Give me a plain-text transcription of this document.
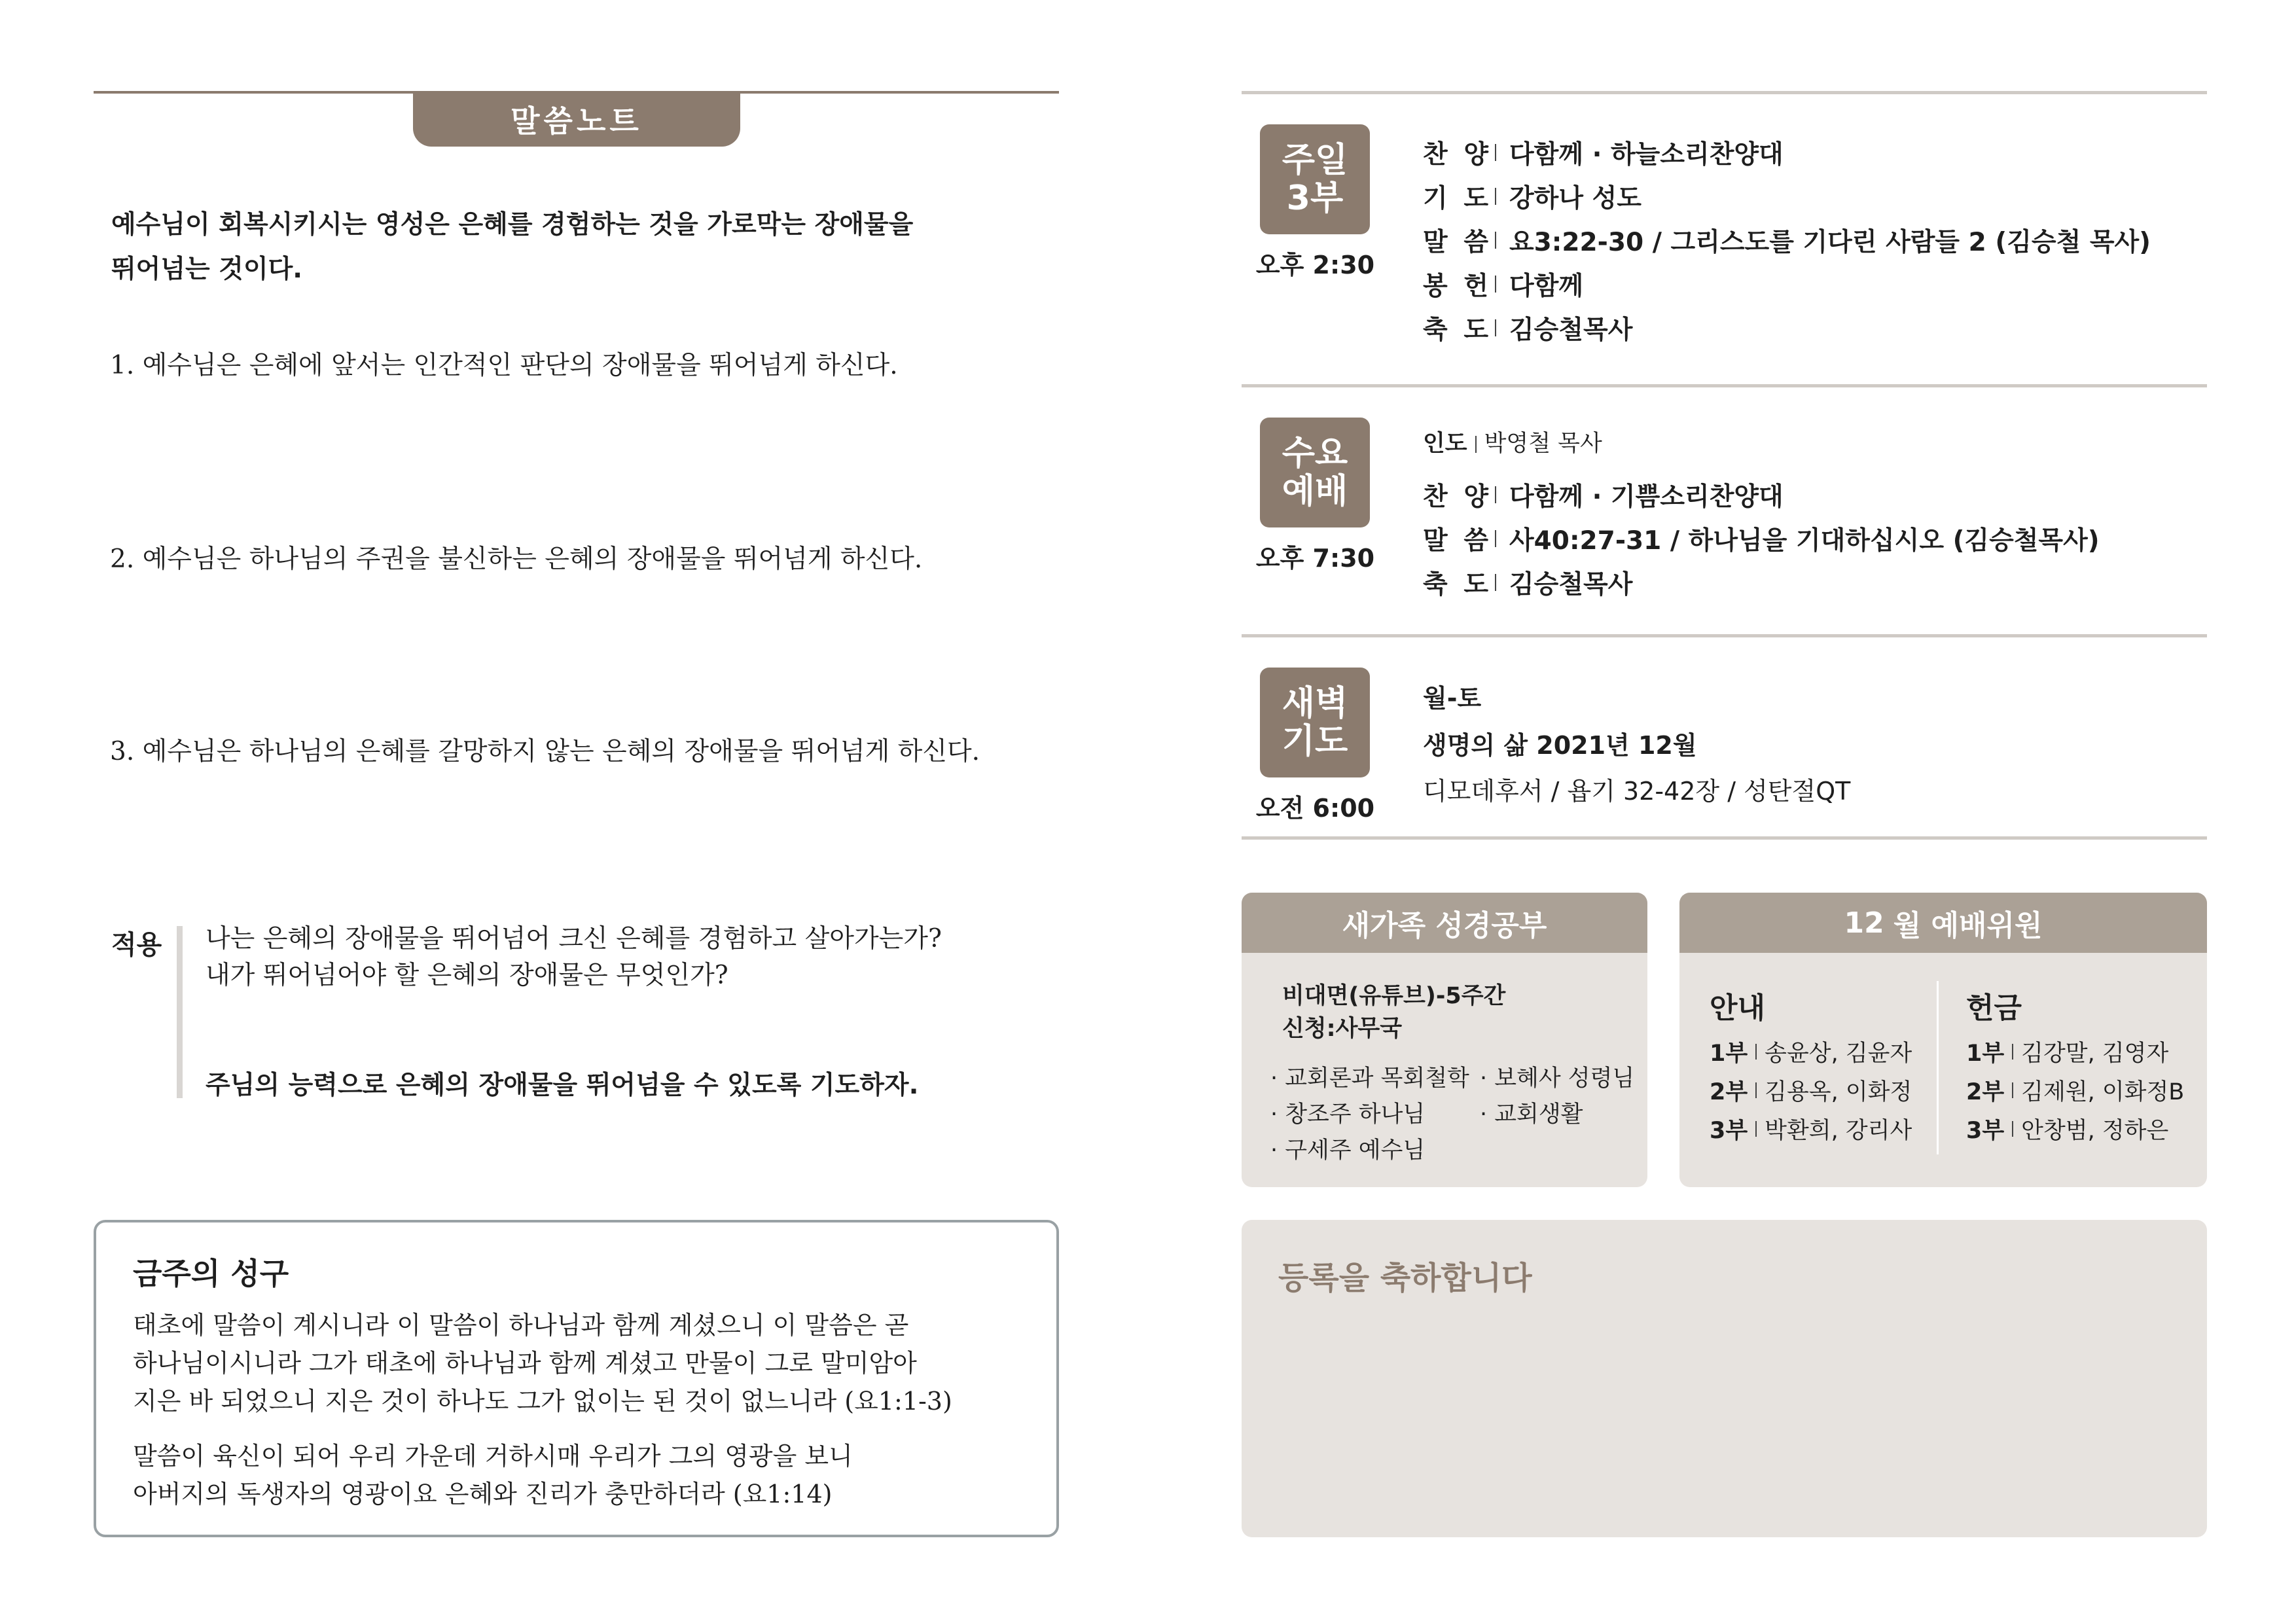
말씀노트
예수님이 회복시키시는 영성은 은혜를 경험하는 것을 가로막는 장애물을
뛰어넘는 것이다.
1. 예수님은 은혜에 앞서는 인간적인 판단의 장애물을 뛰어넘게 하신다.
2. 예수님은 하나님의 주권을 불신하는 은혜의 장애물을 뛰어넘게 하신다.
3. 예수님은 하나님의 은혜를 갈망하지 않는 은혜의 장애물을 뛰어넘게 하신다.
적용 나는 은혜의 장애물을 뛰어넘어 크신 은혜를 경험하고 살아가는가?
내가 뛰어넘어야 할 은혜의 장애물은 무엇인가?
주님의 능력으로 은혜의 장애물을 뛰어넘을 수 있도록 기도하자.
금주의 성구
태초에 말씀이 계시니라 이 말씀이 하나님과 함께 계셨으니 이 말씀은 곧
하나님이시니라 그가 태초에 하나님과 함께 계셨고 만물이 그로 말미암아
지은 바 되었으니 지은 것이 하나도 그가 없이는 된 것이 없느니라 (요1:1-3)
말씀이 육신이 되어 우리 가운데 거하시매 우리가 그의 영광을 보니
아버지의 독생자의 영광이요 은혜와 진리가 충만하더라 (요1:14)
주일
3부
오후 2:30
찬 양 다함께 · 하늘소리찬양대
기 도 강하나 성도
말 씀 요3:22-30 / 그리스도를 기다린 사람들 2 (김승철 목사)
봉 헌 다함께
축 도 김승철목사
수요
예배
오후 7:30
인도 박영철 목사
찬 양 다함께 · 기쁨소리찬양대
말 씀 사40:27-31 / 하나님을 기대하십시오 (김승철목사)
축 도 김승철목사
새벽
기도
오전 6:00
월-토
생명의 삶 2021년 12월
디모데후서 / 욥기 32-42장 / 성탄절QT
새가족 성경공부
비대면(유튜브)-5주간
신청:사무국
· 교회론과 목회철학 · 보혜사 성령님
· 창조주 하나님 · 교회생활
· 구세주 예수님
12 월 예배위원
안내
1부 송윤상, 김윤자
2부 김용옥, 이화정
3부 박환희, 강리사
헌금
1부 김강말, 김영자
2부 김제원, 이화정B
3부 안창범, 정하은
등록을 축하합니다
